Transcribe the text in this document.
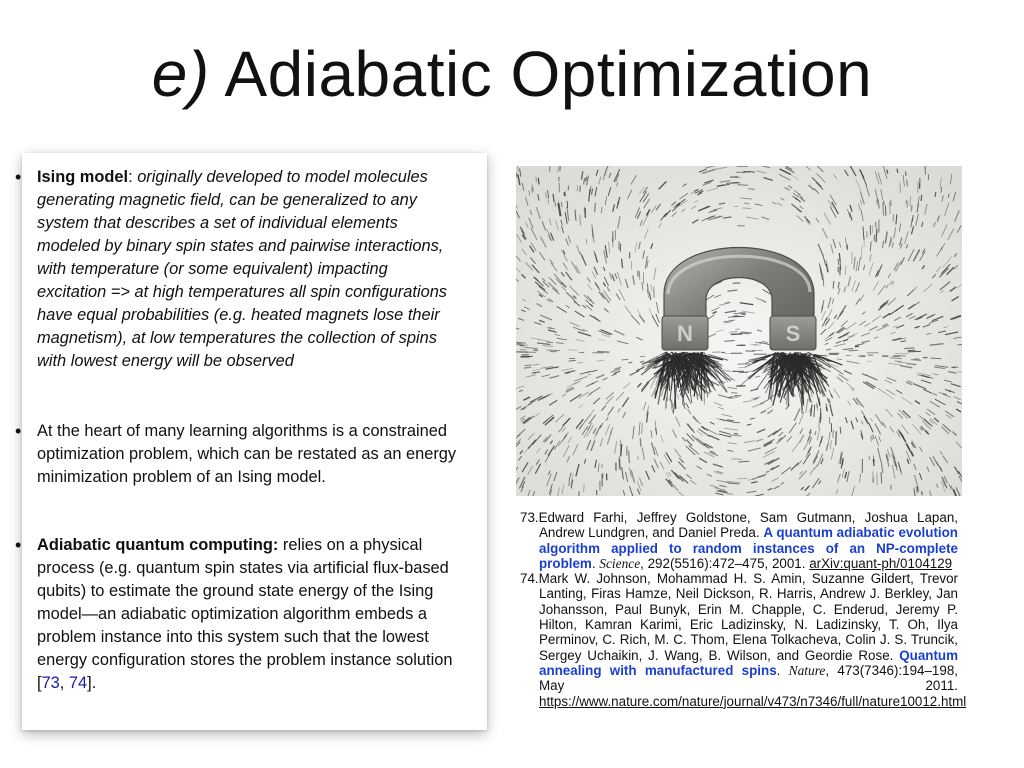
e) Adiabatic Optimization
• Ising model: originally developed to model molecules generating magnetic field, can be generalized to any system that describes a set of individual elements modeled by binary spin states and pairwise interactions, with temperature (or some equivalent) impacting excitation => at high temperatures all spin configurations have equal probabilities (e.g. heated magnets lose their magnetism), at low temperatures the collection of spins with lowest energy will be observed
• At the heart of many learning algorithms is a constrained optimization problem, which can be restated as an energy minimization problem of an Ising model.
• Adiabatic quantum computing: relies on a physical process (e.g. quantum spin states via artificial flux-based qubits) to estimate the ground state energy of the Ising model—an adiabatic optimization algorithm embeds a problem instance into this system such that the lowest energy configuration stores the problem instance solution [73, 74].
N	S

73.Edward Farhi, Jeffrey Goldstone, Sam Gutmann, Joshua Lapan, Andrew Lundgren, and Daniel Preda. A quantum adiabatic evolution algorithm applied to random instances of an NP-complete problem. Science, 292(5516):472–475, 2001. arXiv:quant-ph/0104129

74.Mark W. Johnson, Mohammad H. S. Amin, Suzanne Gildert, Trevor Lanting, Firas Hamze, Neil Dickson, R. Harris, Andrew J. Berkley, Jan Johansson, Paul Bunyk, Erin M. Chapple, C. Enderud, Jeremy P. Hilton, Kamran Karimi, Eric Ladizinsky, N. Ladizinsky, T. Oh, Ilya Perminov, C. Rich, M. C. Thom, Elena Tolkacheva, Colin J. S. Truncik, Sergey Uchaikin, J. Wang, B. Wilson, and Geordie Rose. Quantum annealing with manufactured spins. Nature, 473(7346):194–198, May 2011. https://www.nature.com/nature/journal/v473/n7346/full/nature10012.html
